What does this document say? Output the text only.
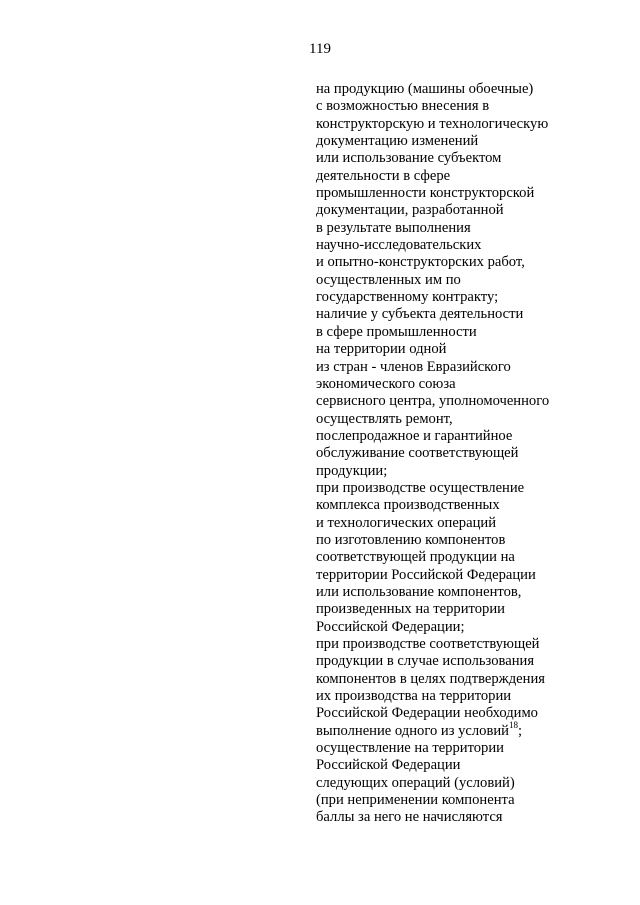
119
на продукцию (машины обоечные)
с возможностью внесения в
конструкторскую и технологическую
документацию изменений
или использование субъектом
деятельности в сфере
промышленности конструкторской
документации, разработанной
в результате выполнения
научно-исследовательских
и опытно-конструкторских работ,
осуществленных им по
государственному контракту;
наличие у субъекта деятельности
в сфере промышленности
на территории одной
из стран - членов Евразийского
экономического союза
сервисного центра, уполномоченного
осуществлять ремонт,
послепродажное и гарантийное
обслуживание соответствующей
продукции;
при производстве осуществление
комплекса производственных
и технологических операций
по изготовлению компонентов
соответствующей продукции на
территории Российской Федерации
или использование компонентов,
произведенных на территории
Российской Федерации;
при производстве соответствующей
продукции в случае использования
компонентов в целях подтверждения
их производства на территории
Российской Федерации необходимо
выполнение одного из условий$^{18}$;
осуществление на территории
Российской Федерации
следующих операций (условий)
(при неприменении компонента
баллы за него не начисляются
